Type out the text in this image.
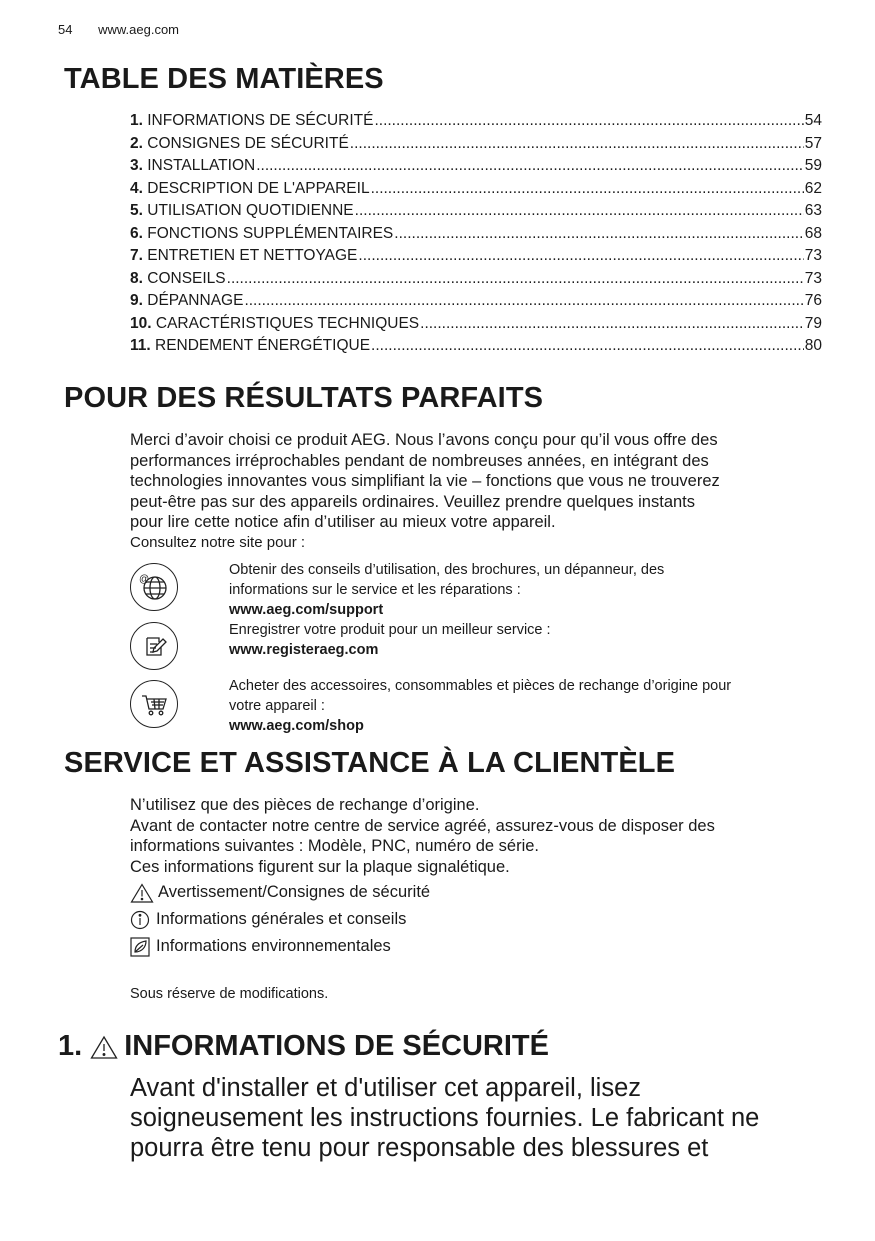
54 www.aeg.com
TABLE DES MATIÈRES
1. INFORMATIONS DE SÉCURITÉ .....	54
2. CONSIGNES DE SÉCURITÉ .....	57
3. INSTALLATION .....	59
4. DESCRIPTION DE L'APPAREIL .....	62
5. UTILISATION QUOTIDIENNE .....	63
6. FONCTIONS SUPPLÉMENTAIRES .....	68
7. ENTRETIEN ET NETTOYAGE .....	73
8. CONSEILS .....	73
9. DÉPANNAGE .....	76
10. CARACTÉRISTIQUES TECHNIQUES .....	79
11. RENDEMENT ÉNERGÉTIQUE .....	80
POUR DES RÉSULTATS PARFAITS
Merci d’avoir choisi ce produit AEG. Nous l’avons conçu pour qu’il vous offre des
performances irréprochables pendant de nombreuses années, en intégrant des
technologies innovantes vous simplifiant la vie – fonctions que vous ne trouverez
peut-être pas sur des appareils ordinaires. Veuillez prendre quelques instants
pour lire cette notice afin d’utiliser au mieux votre appareil.
Consultez notre site pour :
@
Obtenir des conseils d’utilisation, des brochures, un dépanneur, des
informations sur le service et les réparations :
www.aeg.com/support
Enregistrer votre produit pour un meilleur service :
www.registeraeg.com
Acheter des accessoires, consommables et pièces de rechange d’origine pour
votre appareil :
www.aeg.com/shop
SERVICE ET ASSISTANCE À LA CLIENTÈLE
N’utilisez que des pièces de rechange d’origine.
Avant de contacter notre centre de service agréé, assurez-vous de disposer des
informations suivantes : Modèle, PNC, numéro de série.
Ces informations figurent sur la plaque signalétique.
Avertissement/Consignes de sécurité
Informations générales et conseils
Informations environnementales
Sous réserve de modifications.
1. INFORMATIONS DE SÉCURITÉ
Avant d'installer et d'utiliser cet appareil, lisez
soigneusement les instructions fournies. Le fabricant ne
pourra être tenu pour responsable des blessures et
